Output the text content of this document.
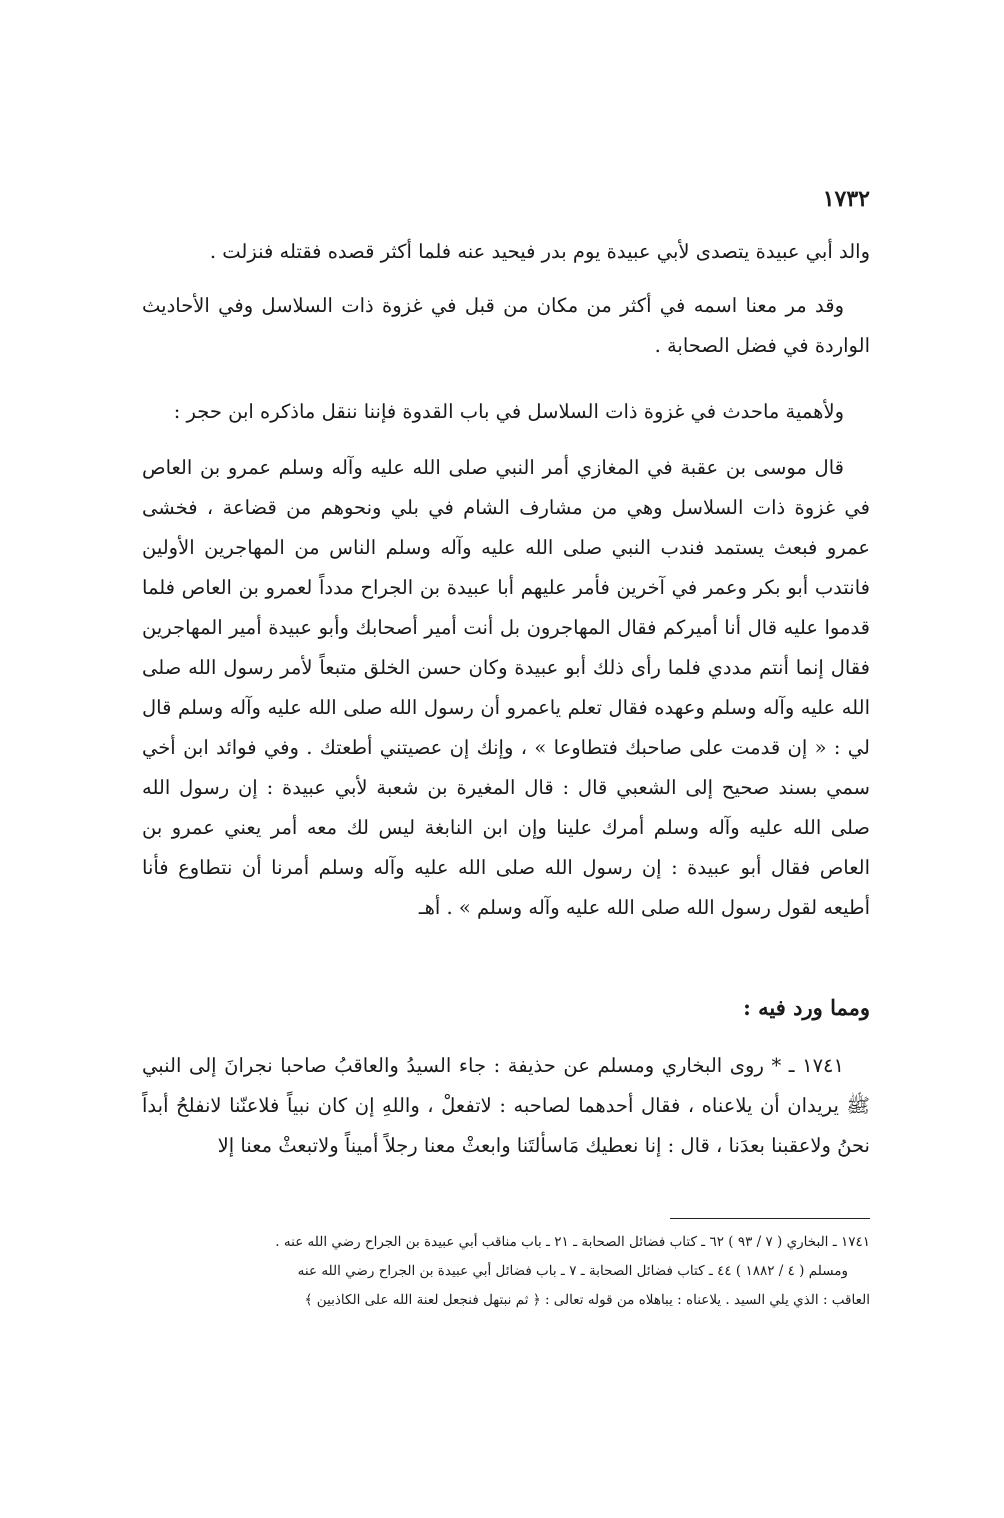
١٧٣٢

والد أبي عبيدة يتصدى لأبي عبيدة يوم بدر فيحيد عنه فلما أكثر قصده فقتله فنزلت .

وقد مر معنا اسمه في أكثر من مكان من قبل في غزوة ذات السلاسل وفي الأحاديث الواردة في فضل الصحابة .

ولأهمية ماحدث في غزوة ذات السلاسل في باب القدوة فإننا ننقل ماذكره ابن حجر :

قال موسى بن عقبة في المغازي أمر النبي صلى الله عليه وآله وسلم عمرو بن العاص في غزوة ذات السلاسل وهي من مشارف الشام في بلي ونحوهم من قضاعة ، فخشى عمرو فبعث يستمد فندب النبي صلى الله عليه وآله وسلم الناس من المهاجرين الأولين فانتدب أبو بكر وعمر في آخرين فأمر عليهم أبا عبيدة بن الجراح مدداً لعمرو بن العاص فلما قدموا عليه قال أنا أميركم فقال المهاجرون بل أنت أمير أصحابك وأبو عبيدة أمير المهاجرين فقال إنما أنتم مددي فلما رأى ذلك أبو عبيدة وكان حسن الخلق متبعاً لأمر رسول الله صلى الله عليه وآله وسلم وعهده فقال تعلم ياعمرو أن رسول الله صلى الله عليه وآله وسلم قال لي : « إن قدمت على صاحبك فتطاوعا » ، وإنك إن عصيتني أطعتك . وفي فوائد ابن أخي سمي بسند صحيح إلى الشعبي قال : قال المغيرة بن شعبة لأبي عبيدة : إن رسول الله صلى الله عليه وآله وسلم أمرك علينا وإن ابن النابغة ليس لك معه أمر يعني عمرو بن العاص فقال أبو عبيدة : إن رسول الله صلى الله عليه وآله وسلم أمرنا أن نتطاوع فأنا أطيعه لقول رسول الله صلى الله عليه وآله وسلم » . أهـ

ومما ورد فيه :

١٧٤١ ـ * روى البخاري ومسلم عن حذيفة : جاء السيدُ والعاقبُ صاحبا نجرانَ إلى النبي ﷺ يريدان أن يلاعناه ، فقال أحدهما لصاحبه : لاتفعلْ ، واللهِ إن كان نبياً فلاعنّنا لانفلحُ أبداً نحنُ ولاعقبنا بعدَنا ، قال : إنا نعطيك مَاسألتَنا وابعثْ معنا رجلاً أميناً ولاتبعثْ معنا إلا

١٧٤١ ـ البخاري ( ٧ / ٩٣ ) ٦٢ ـ كتاب فضائل الصحابة ـ ٢١ ـ باب مناقب أبي عبيدة بن الجراح رضي الله عنه .
ومسلم ( ٤ / ١٨٨٢ ) ٤٤ ـ كتاب فضائل الصحابة ـ ٧ ـ باب فضائل أبي عبيدة بن الجراح رضي الله عنه
العاقب : الذي يلي السيد . يلاعناه : يباهلاه من قوله تعالى : ﴿ ثم نبتهل فنجعل لعنة الله على الكاذبين ﴾
